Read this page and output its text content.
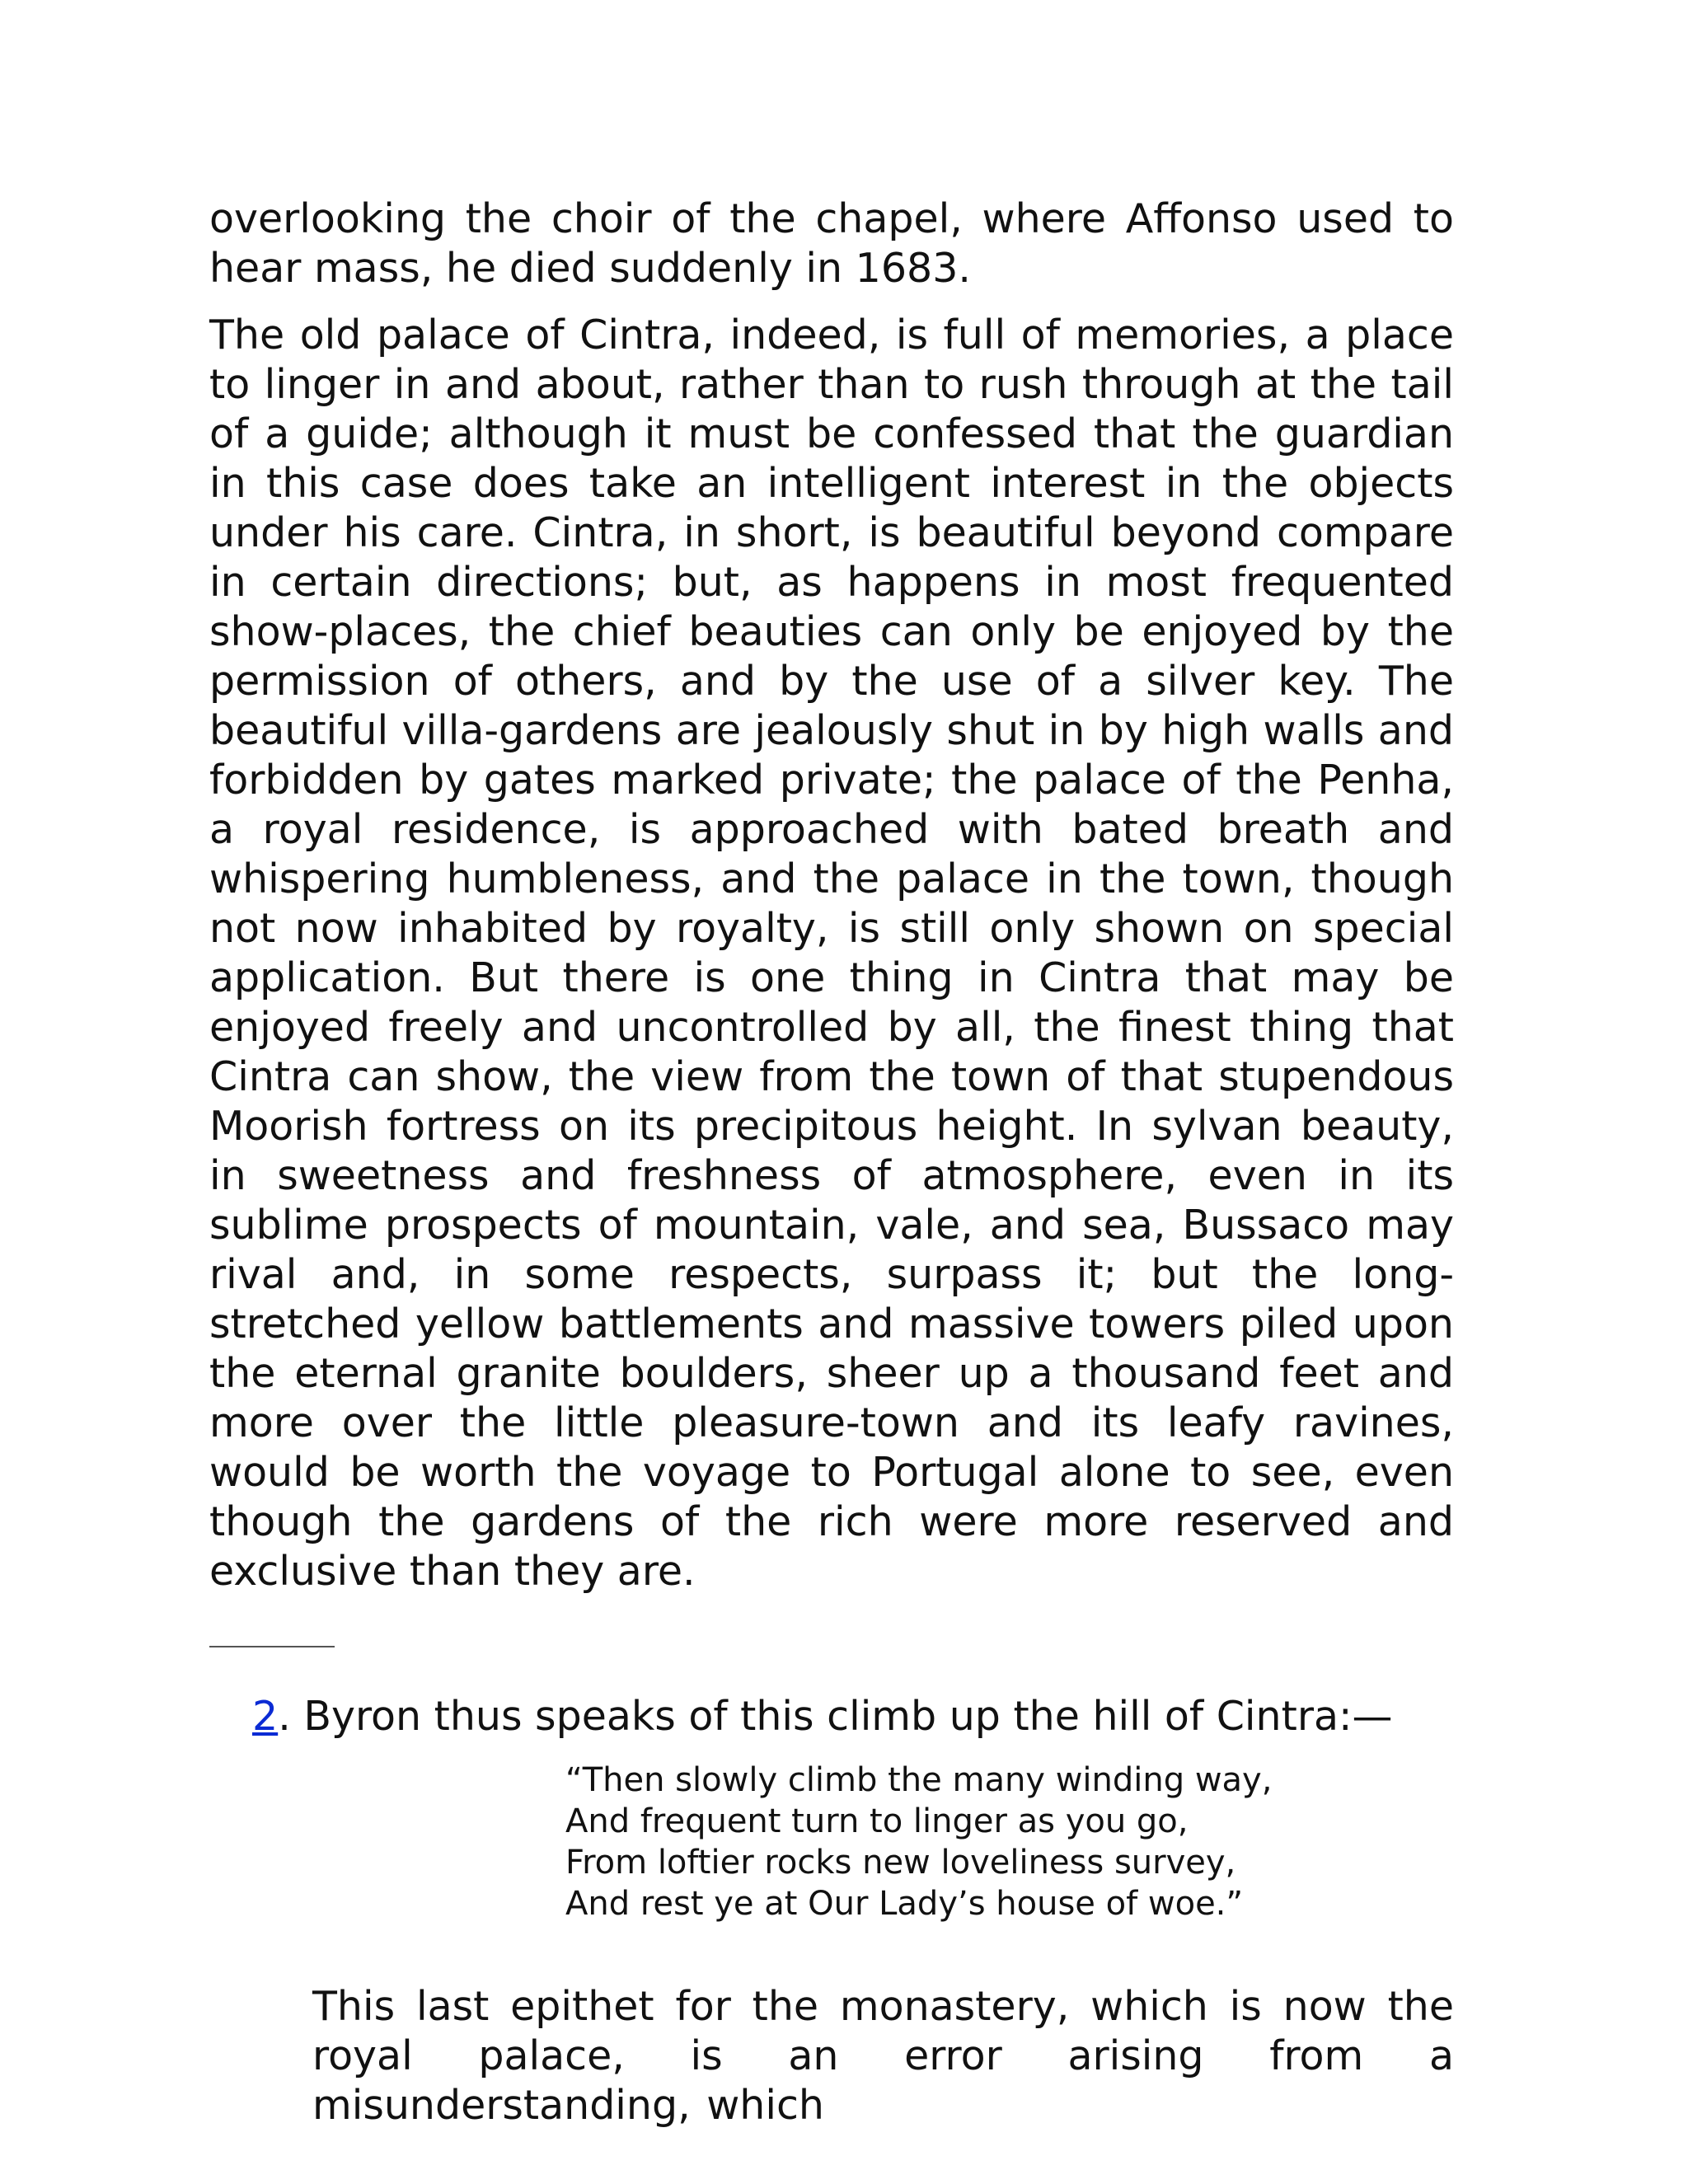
overlooking the choir of the chapel, where Affonso used to hear mass, he died suddenly in 1683.

The old palace of Cintra, indeed, is full of memories, a place to linger in and about, rather than to rush through at the tail of a guide; although it must be confessed that the guardian in this case does take an intelligent interest in the objects under his care. Cintra, in short, is beautiful beyond compare in certain directions; but, as happens in most frequented show-places, the chief beauties can only be enjoyed by the permission of others, and by the use of a silver key. The beautiful villa-gardens are jealously shut in by high walls and forbidden by gates marked private; the palace of the Penha, a royal residence, is approached with bated breath and whispering humbleness, and the palace in the town, though not now inhabited by royalty, is still only shown on special application. But there is one thing in Cintra that may be enjoyed freely and uncontrolled by all, the finest thing that Cintra can show, the view from the town of that stupendous Moorish fortress on its precipitous height. In sylvan beauty, in sweetness and freshness of atmosphere, even in its sublime prospects of mountain, vale, and sea, Bussaco may rival and, in some respects, surpass it; but the long-stretched yellow battlements and massive towers piled upon the eternal granite boulders, sheer up a thousand feet and more over the little pleasure-town and its leafy ravines, would be worth the voyage to Portugal alone to see, even though the gardens of the rich were more reserved and exclusive than they are.

2. Byron thus speaks of this climb up the hill of Cintra:—
“Then slowly climb the many winding way,
And frequent turn to linger as you go,
From loftier rocks new loveliness survey,
And rest ye at Our Lady’s house of woe.”

This last epithet for the monastery, which is now the royal palace, is an error arising from a misunderstanding, which
